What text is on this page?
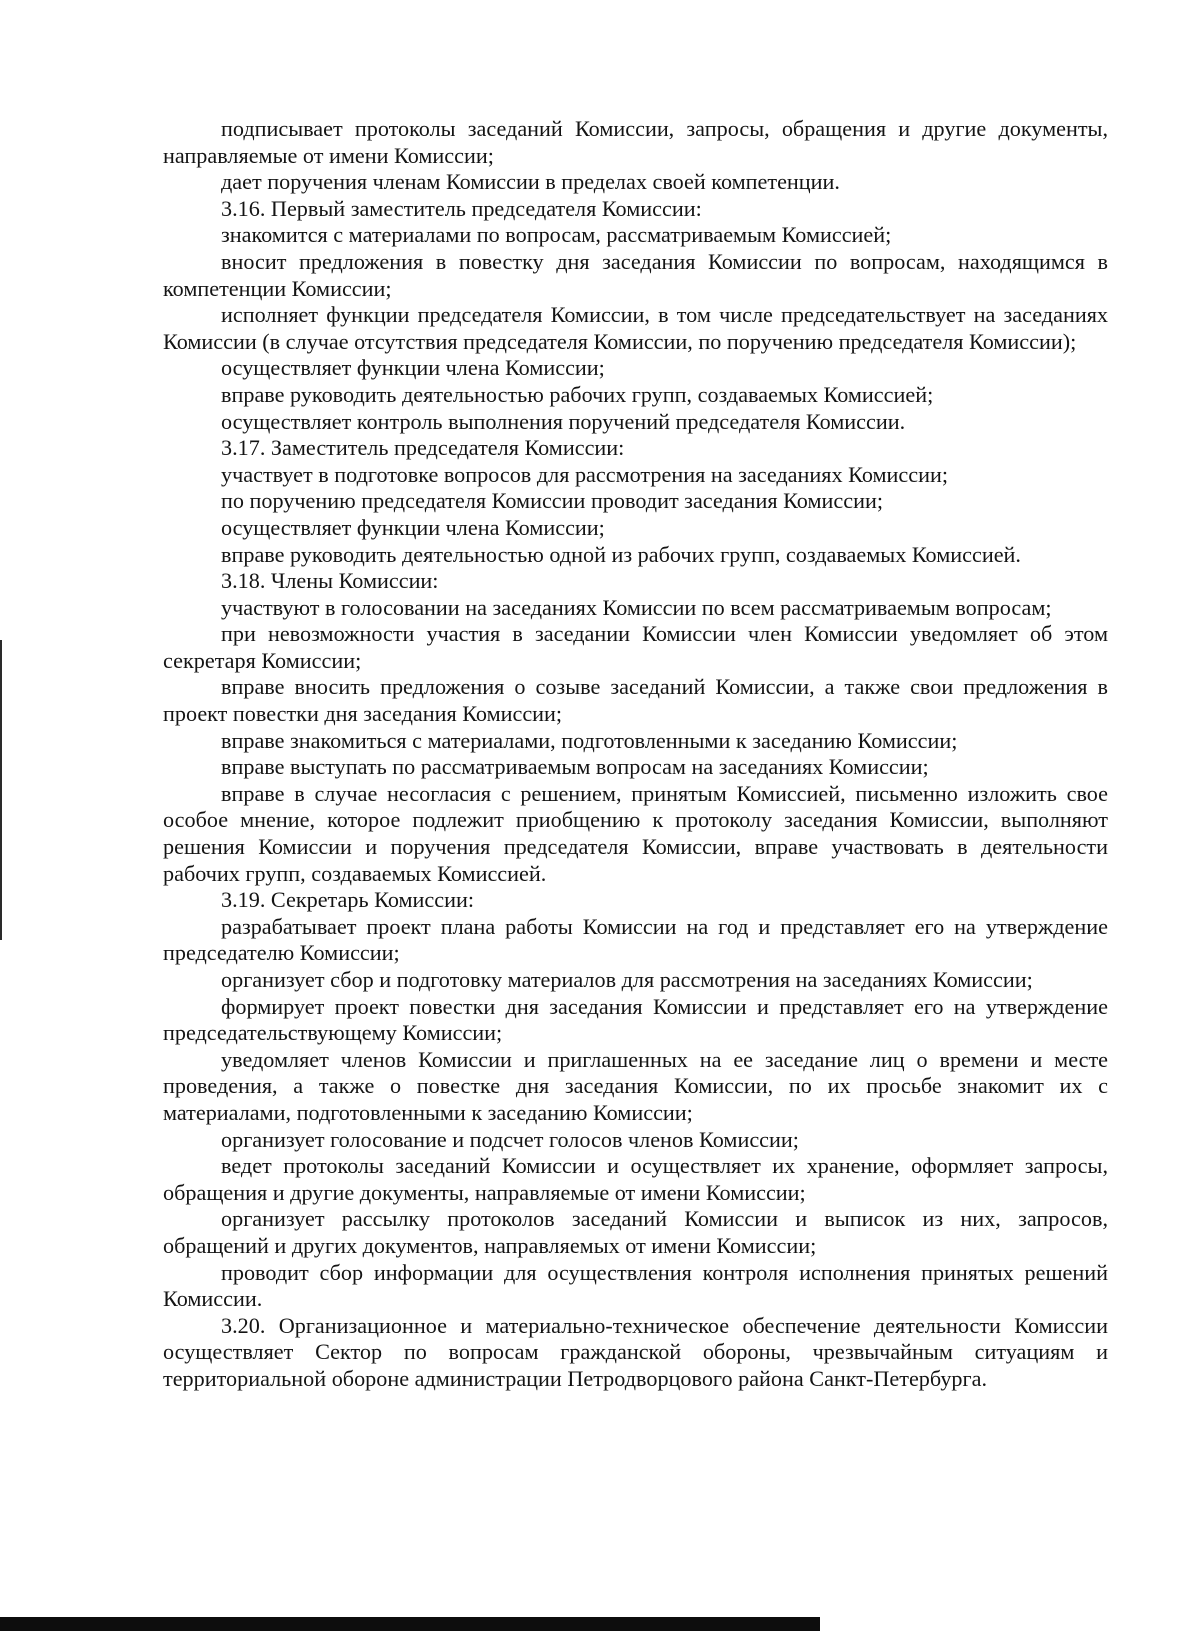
подписывает протоколы заседаний Комиссии, запросы, обращения и другие документы, направляемые от имени Комиссии;

дает поручения членам Комиссии в пределах своей компетенции.

3.16. Первый заместитель председателя Комиссии:

знакомится с материалами по вопросам, рассматриваемым Комиссией;

вносит предложения в повестку дня заседания Комиссии по вопросам, находящимся в компетенции Комиссии;

исполняет функции председателя Комиссии, в том числе председательствует на заседаниях Комиссии (в случае отсутствия председателя Комиссии, по поручению председателя Комиссии);

осуществляет функции члена Комиссии;

вправе руководить деятельностью рабочих групп, создаваемых Комиссией;

осуществляет контроль выполнения поручений председателя Комиссии.

3.17. Заместитель председателя Комиссии:

участвует в подготовке вопросов для рассмотрения на заседаниях Комиссии;

по поручению председателя Комиссии проводит заседания Комиссии;

осуществляет функции члена Комиссии;

вправе руководить деятельностью одной из рабочих групп, создаваемых Комиссией.

3.18. Члены Комиссии:

участвуют в голосовании на заседаниях Комиссии по всем рассматриваемым вопросам;

при невозможности участия в заседании Комиссии член Комиссии уведомляет об этом секретаря Комиссии;

вправе вносить предложения о созыве заседаний Комиссии, а также свои предложения в проект повестки дня заседания Комиссии;

вправе знакомиться с материалами, подготовленными к заседанию Комиссии;

вправе выступать по рассматриваемым вопросам на заседаниях Комиссии;

вправе в случае несогласия с решением, принятым Комиссией, письменно изложить свое особое мнение, которое подлежит приобщению к протоколу заседания Комиссии, выполняют решения Комиссии и поручения председателя Комиссии, вправе участвовать в деятельности рабочих групп, создаваемых Комиссией.

3.19. Секретарь Комиссии:

разрабатывает проект плана работы Комиссии на год и представляет его на утверждение председателю Комиссии;

организует сбор и подготовку материалов для рассмотрения на заседаниях Комиссии;

формирует проект повестки дня заседания Комиссии и представляет его на утверждение председательствующему Комиссии;

уведомляет членов Комиссии и приглашенных на ее заседание лиц о времени и месте проведения, а также о повестке дня заседания Комиссии, по их просьбе знакомит их с материалами, подготовленными к заседанию Комиссии;

организует голосование и подсчет голосов членов Комиссии;

ведет протоколы заседаний Комиссии и осуществляет их хранение, оформляет запросы, обращения и другие документы, направляемые от имени Комиссии;

организует рассылку протоколов заседаний Комиссии и выписок из них, запросов, обращений и других документов, направляемых от имени Комиссии;

проводит сбор информации для осуществления контроля исполнения принятых решений Комиссии.

3.20. Организационное и материально-техническое обеспечение деятельности Комиссии осуществляет Сектор по вопросам гражданской обороны, чрезвычайным ситуациям и территориальной обороне администрации Петродворцового района Санкт-Петербурга.
